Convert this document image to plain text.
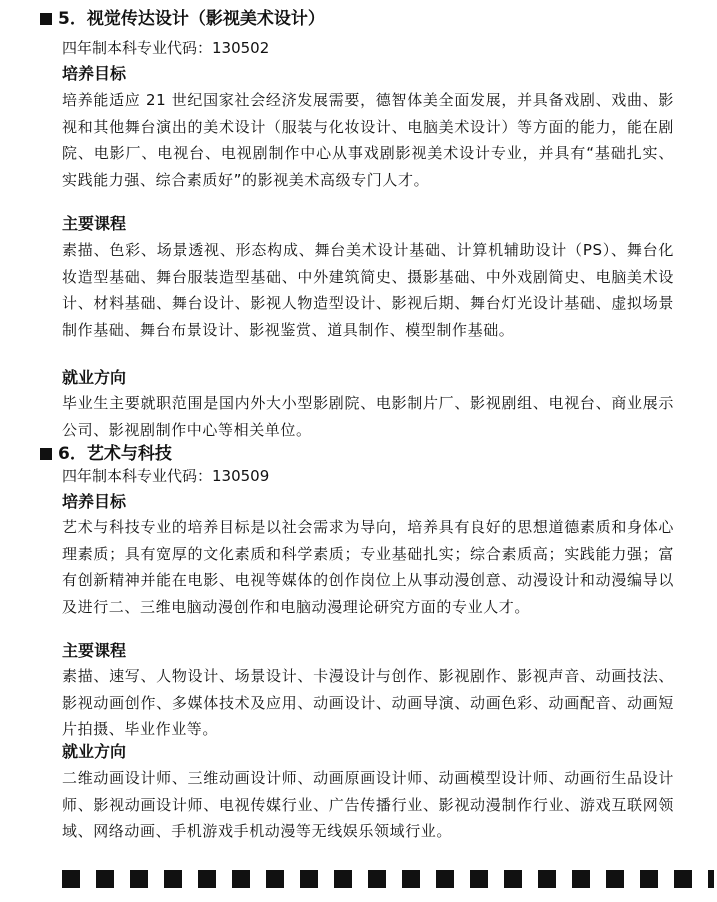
5．视觉传达设计（影视美术设计）
四年制本科专业代码：130502
培养目标
培养能适应 21 世纪国家社会经济发展需要，德智体美全面发展，并具备戏剧、戏曲、影视和其他舞台演出的美术设计（服装与化妆设计、电脑美术设计）等方面的能力，能在剧院、电影厂、电视台、电视剧制作中心从事戏剧影视美术设计专业，并具有“基础扎实、实践能力强、综合素质好”的影视美术高级专门人才。
主要课程
素描、色彩、场景透视、形态构成、舞台美术设计基础、计算机辅助设计（PS）、舞台化妆造型基础、舞台服装造型基础、中外建筑简史、摄影基础、中外戏剧简史、电脑美术设计、材料基础、舞台设计、影视人物造型设计、影视后期、舞台灯光设计基础、虚拟场景制作基础、舞台布景设计、影视鉴赏、道具制作、模型制作基础。
就业方向
毕业生主要就职范围是国内外大小型影剧院、电影制片厂、影视剧组、电视台、商业展示公司、影视剧制作中心等相关单位。
6．艺术与科技
四年制本科专业代码：130509
培养目标
艺术与科技专业的培养目标是以社会需求为导向，培养具有良好的思想道德素质和身体心理素质；具有宽厚的文化素质和科学素质；专业基础扎实；综合素质高；实践能力强；富有创新精神并能在电影、电视等媒体的创作岗位上从事动漫创意、动漫设计和动漫编导以及进行二、三维电脑动漫创作和电脑动漫理论研究方面的专业人才。
主要课程
素描、速写、人物设计、场景设计、卡漫设计与创作、影视剧作、影视声音、动画技法、影视动画创作、多媒体技术及应用、动画设计、动画导演、动画色彩、动画配音、动画短片拍摄、毕业作业等。
就业方向
二维动画设计师、三维动画设计师、动画原画设计师、动画模型设计师、动画衍生品设计师、影视动画设计师、电视传媒行业、广告传播行业、影视动漫制作行业、游戏互联网领域、网络动画、手机游戏手机动漫等无线娱乐领域行业。
